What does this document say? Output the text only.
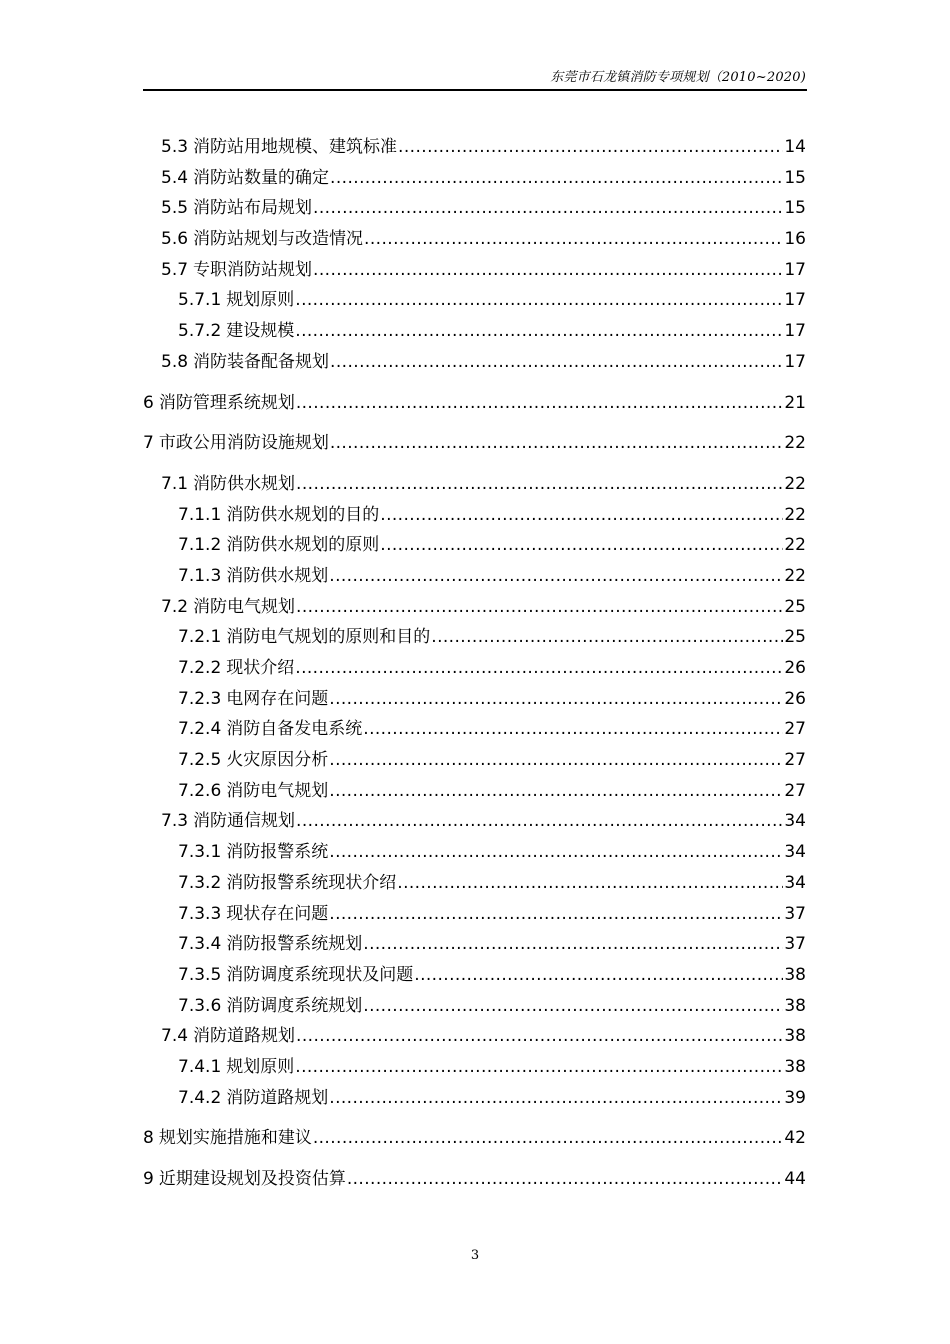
东莞市石龙镇消防专项规划（2010~2020)
5.3 消防站用地规模、建筑标准 .....	14
5.4 消防站数量的确定 .....	15
5.5 消防站布局规划 .....	15
5.6 消防站规划与改造情况 .....	16
5.7 专职消防站规划 .....	17
5.7.1 规划原则 .....	17
5.7.2 建设规模 .....	17
5.8 消防装备配备规划 .....	17
6 消防管理系统规划 .....	21
7 市政公用消防设施规划 .....	22
7.1 消防供水规划 .....	22
7.1.1 消防供水规划的目的 .....	22
7.1.2 消防供水规划的原则 .....	22
7.1.3 消防供水规划 .....	22
7.2 消防电气规划 .....	25
7.2.1 消防电气规划的原则和目的 .....	25
7.2.2 现状介绍 .....	26
7.2.3 电网存在问题 .....	26
7.2.4 消防自备发电系统 .....	27
7.2.5 火灾原因分析 .....	27
7.2.6 消防电气规划 .....	27
7.3 消防通信规划 .....	34
7.3.1 消防报警系统 .....	34
7.3.2 消防报警系统现状介绍 .....	34
7.3.3 现状存在问题 .....	37
7.3.4 消防报警系统规划 .....	37
7.3.5 消防调度系统现状及问题 .....	38
7.3.6 消防调度系统规划 .....	38
7.4 消防道路规划 .....	38
7.4.1 规划原则 .....	38
7.4.2 消防道路规划 .....	39
8 规划实施措施和建议 .....	42
9 近期建设规划及投资估算 .....	44
3
